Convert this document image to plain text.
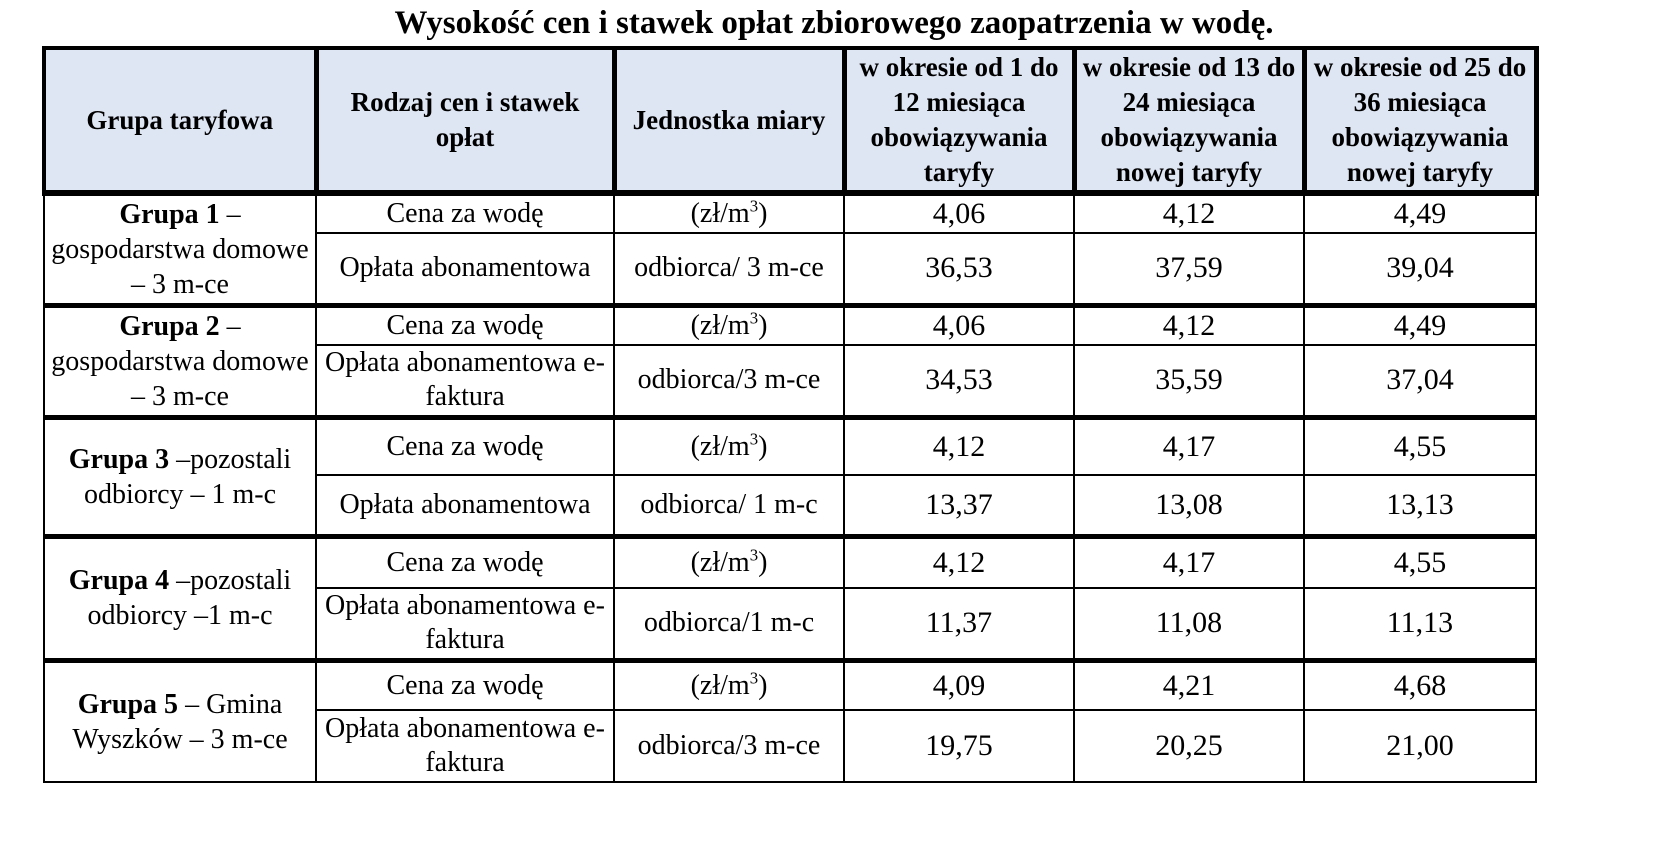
Wysokość cen i stawek opłat zbiorowego zaopatrzenia w wodę.
Grupa taryfowa	Rodzaj cen i stawek opłat	Jednostka miary	w okresie od 1 do 12 miesiąca obowiązywania taryfy	w okresie od 13 do 24 miesiąca obowiązywania nowej taryfy	w okresie od 25 do 36 miesiąca obowiązywania nowej taryfy
Grupa 1 – gospodarstwa domowe – 3 m-ce	Cena za wodę	$(zł/m^3)$	4,06	4,12	4,49
	Opłata abonamentowa	odbiorca/ 3 m-ce	36,53	37,59	39,04
Grupa 2 – gospodarstwa domowe – 3 m-ce	Cena za wodę	$(zł/m^3)$	4,06	4,12	4,49
	Opłata abonamentowa e-faktura	odbiorca/3 m-ce	34,53	35,59	37,04
Grupa 3 –pozostali odbiorcy – 1 m-c	Cena za wodę	$(zł/m^3)$	4,12	4,17	4,55
	Opłata abonamentowa	odbiorca/ 1 m-c	13,37	13,08	13,13
Grupa 4 –pozostali odbiorcy –1 m-c	Cena za wodę	$(zł/m^3)$	4,12	4,17	4,55
	Opłata abonamentowa e-faktura	odbiorca/1 m-c	11,37	11,08	11,13
Grupa 5 – Gmina Wyszków – 3 m-ce	Cena za wodę	$(zł/m^3)$	4,09	4,21	4,68
	Opłata abonamentowa e-faktura	odbiorca/3 m-ce	19,75	20,25	21,00
